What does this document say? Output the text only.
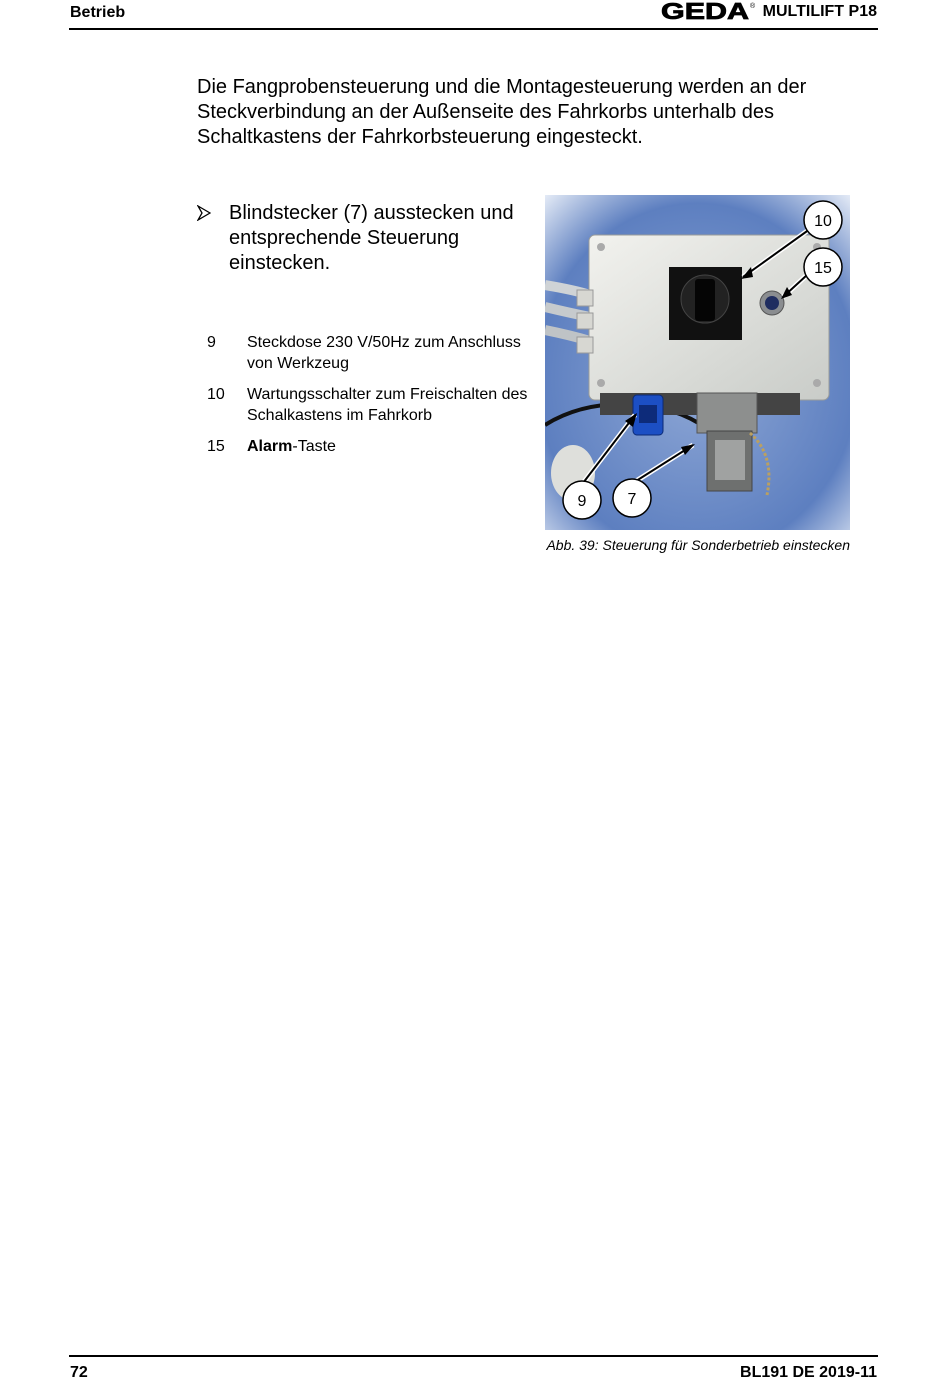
Betrieb	GEDA ® MULTILIFT P18

Die Fangprobensteuerung und die Montagesteuerung werden an der Steckverbindung an der Außenseite des Fahrkorbs unterhalb des Schaltkastens der Fahrkorbsteuerung eingesteckt.

Blindstecker (7) ausstecken und entsprechende Steuerung einstecken.
9	Steckdose 230 V/50Hz zum Anschluss von Werkzeug
10	Wartungsschalter zum Freischalten des Schalkastens im Fahrkorb
15	Alarm-Taste
10
15
9	7
Abb. 39: Steuerung für Sonderbetrieb einstecken
72	BL191 DE 2019-11
